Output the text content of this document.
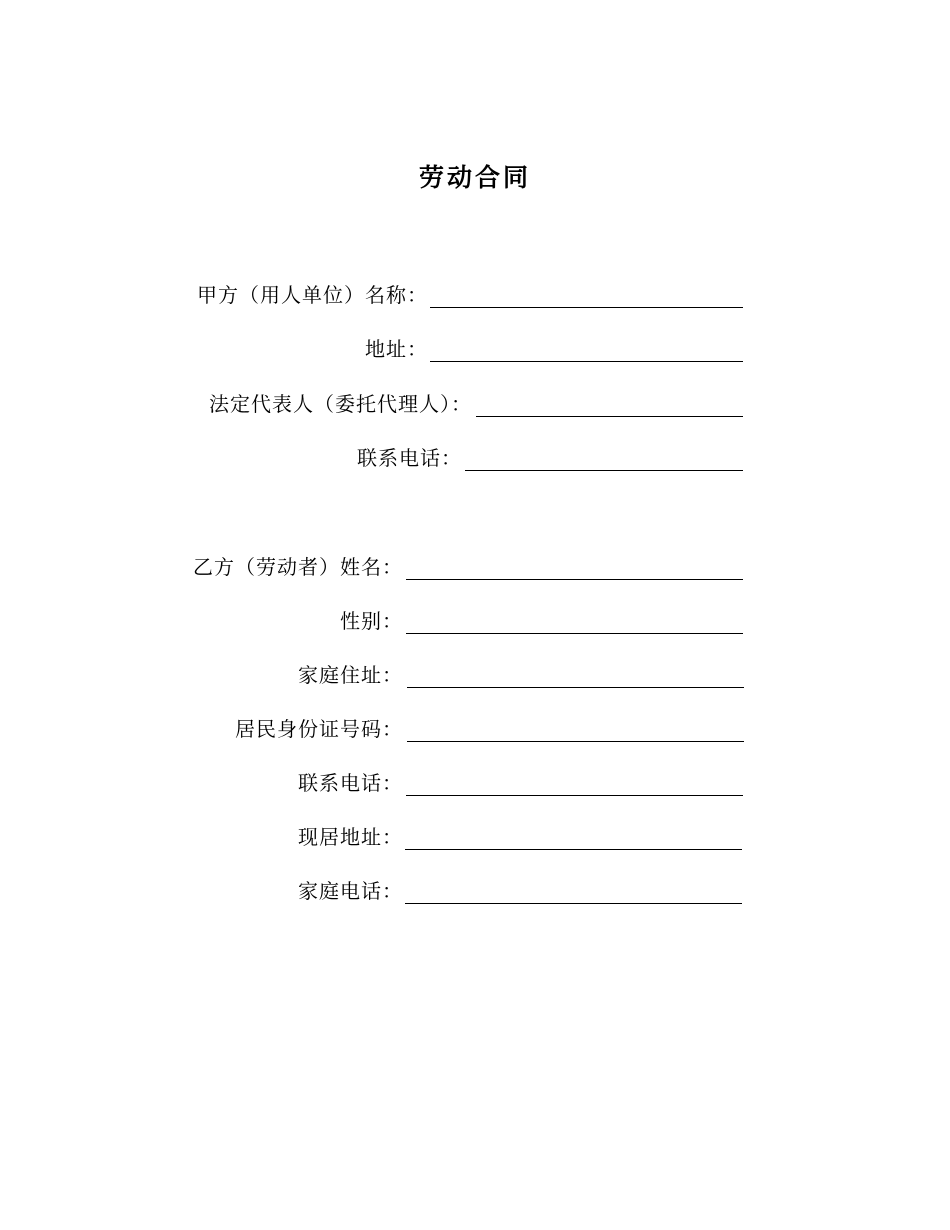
劳动合同
甲方（用人单位）名称：
地址：
法定代表人（委托代理人）：
联系电话：
乙方（劳动者）姓名：
性别：
家庭住址：
居民身份证号码：
联系电话：
现居地址：
家庭电话：
